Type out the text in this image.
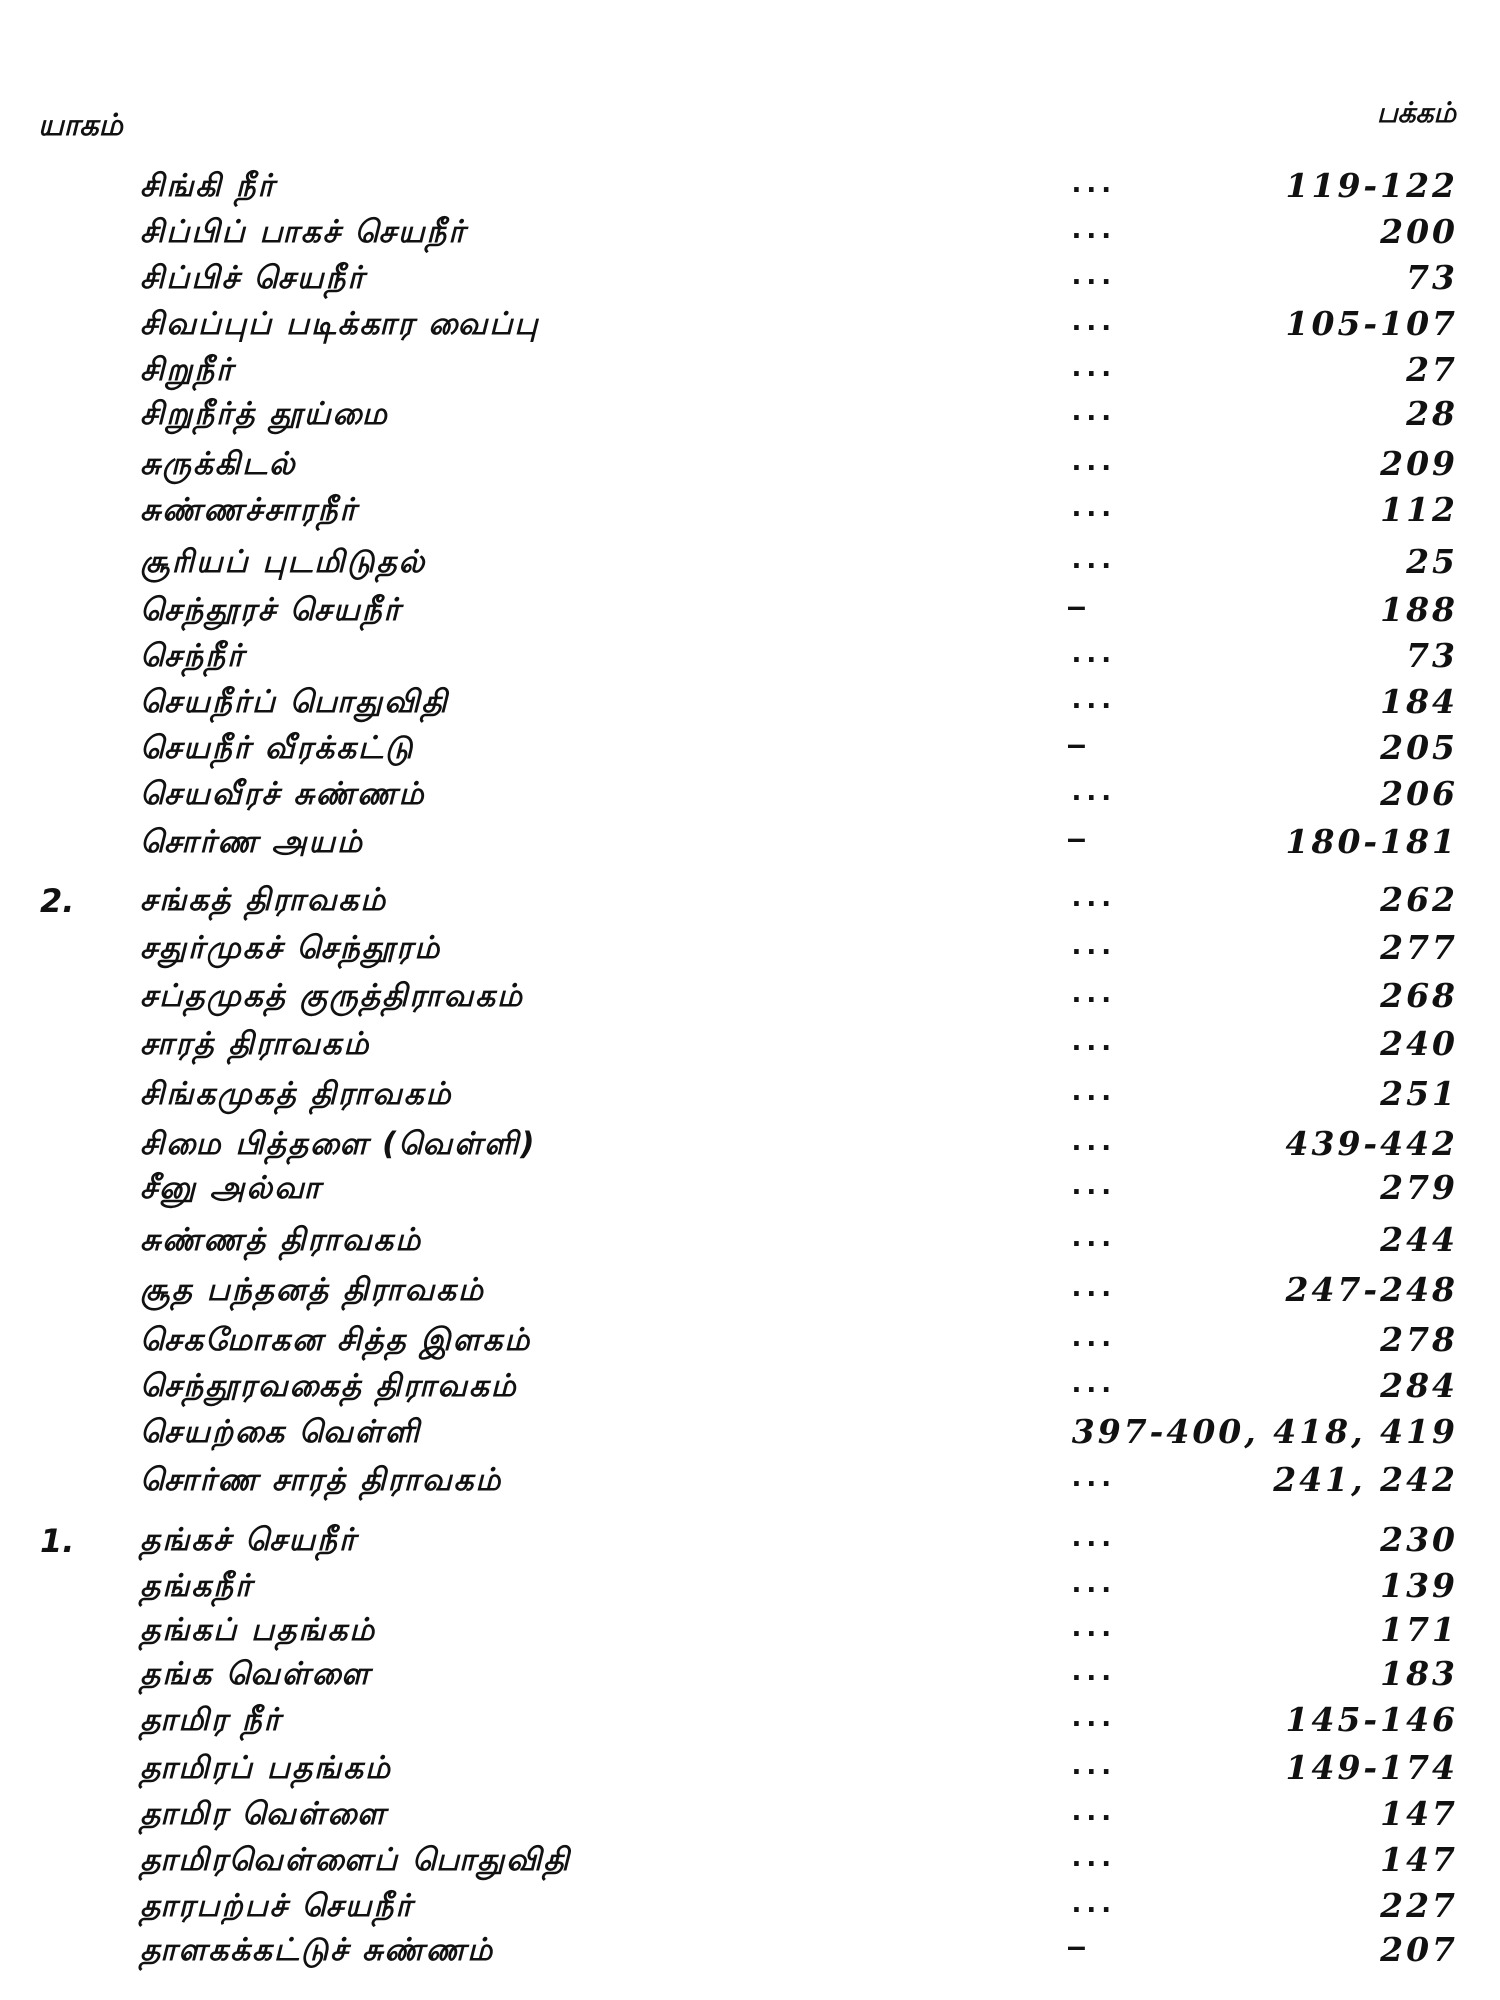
யாகம்	பக்கம்
சிங்கி நீர்	...	119-122
சிப்பிப் பாகச் செயநீர்	...	200
சிப்பிச் செயநீர்	...	73
சிவப்புப் படிக்கார வைப்பு	...	105-107
சிறுநீர்	...	27
சிறுநீர்த் தூய்மை	...	28
சுருக்கிடல்	...	209
சுண்ணச்சாரநீர்	...	112
சூரியப் புடமிடுதல்	...	25
செந்தூரச் செயநீர்	—	188
செந்நீர்	...	73
செயநீர்ப் பொதுவிதி	...	184
செயநீர் வீரக்கட்டு	—	205
செயவீரச் சுண்ணம்	...	206
சொர்ண அயம்	—	180-181
2. சங்கத் திராவகம்	...	262
சதுர்முகச் செந்தூரம்	...	277
சப்தமுகத் குருத்திராவகம்	...	268
சாரத் திராவகம்	...	240
சிங்கமுகத் திராவகம்	...	251
சிமை பித்தளை (வெள்ளி)	...	439-442
சீனு அல்வா	...	279
சுண்ணத் திராவகம்	...	244
சூத பந்தனத் திராவகம்	...	247-248
செகமோகன சித்த இளகம்	...	278
செந்தூரவகைத் திராவகம்	...	284
செயற்கை வெள்ளி	397-400, 418, 419
சொர்ண சாரத் திராவகம்	...	241, 242
1. தங்கச் செயநீர்	...	230
தங்கநீர்	...	139
தங்கப் பதங்கம்	...	171
தங்க வெள்ளை	...	183
தாமிர நீர்	...	145-146
தாமிரப் பதங்கம்	...	149-174
தாமிர வெள்ளை	...	147
தாமிரவெள்ளைப் பொதுவிதி	...	147
தாரபற்பச் செயநீர்	...	227
தாளகக்கட்டுச் சுண்ணம்	—	207
